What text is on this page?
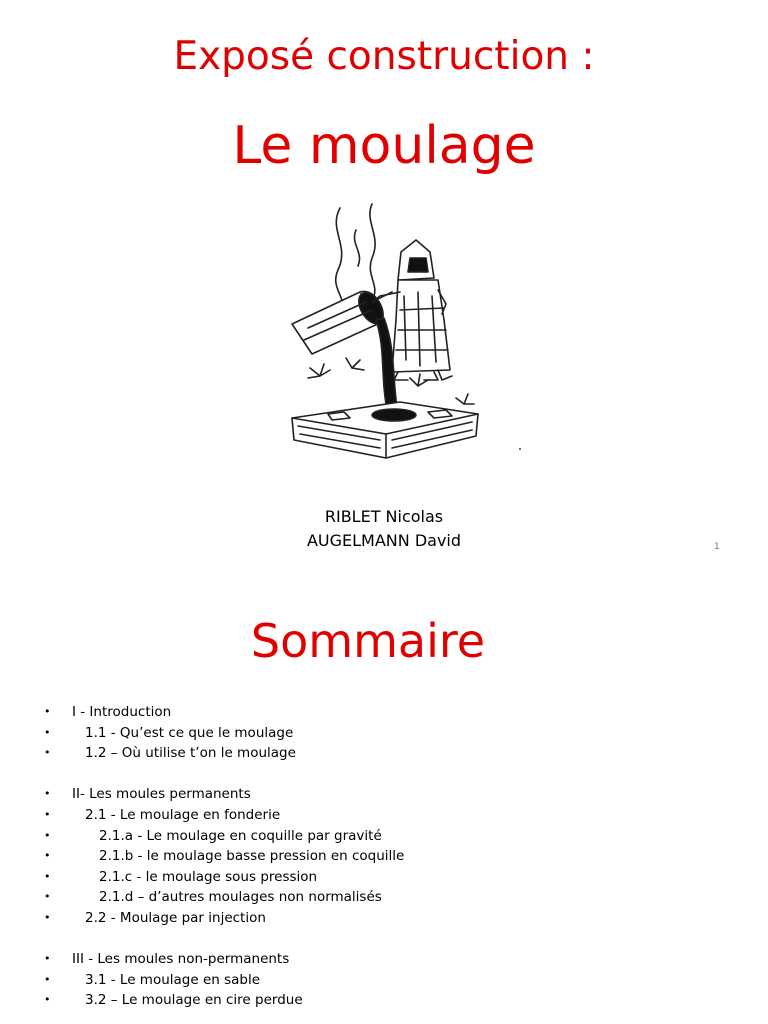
Exposé construction :
Le moulage
RIBLET Nicolas
AUGELMANN David	1
Sommaire
• I - Introduction
•	1.1 - Qu’est ce que le moulage
•	1.2 – Où utilise t’on le moulage
• II- Les moules permanents
•	2.1 - Le moulage en fonderie
•	2.1.a - Le moulage en coquille par gravité
•	2.1.b - le moulage basse pression en coquille
•	2.1.c - le moulage sous pression
•	2.1.d – d’autres moulages non normalisés
•	2.2 - Moulage par injection
• III - Les moules non-permanents
•	3.1 - Le moulage en sable
•	3.2 – Le moulage en cire perdue
